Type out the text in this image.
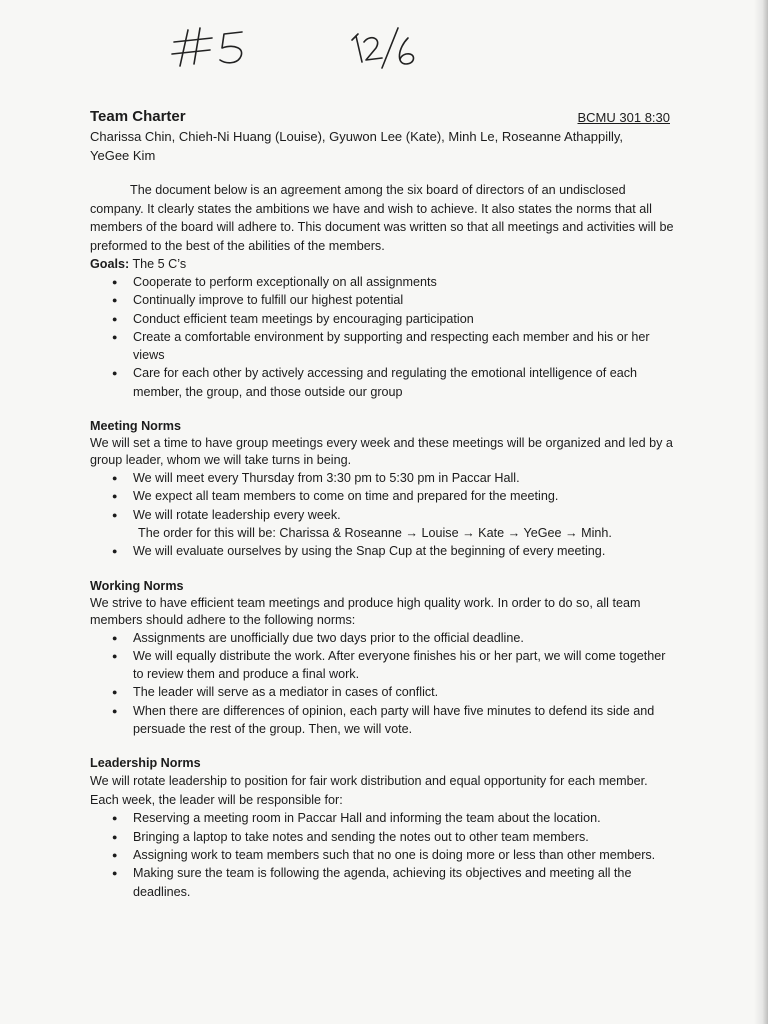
Team Charter	BCMU 301 8:30
Charissa Chin, Chieh-Ni Huang (Louise), Gyuwon Lee (Kate), Minh Le, Roseanne Athappilly, YeGee Kim

The document below is an agreement among the six board of directors of an undisclosed company. It clearly states the ambitions we have and wish to achieve. It also states the norms that all members of the board will adhere to. This document was written so that all meetings and activities will be preformed to the best of the abilities of the members.

Goals: The 5 C’s
● Cooperate to perform exceptionally on all assignments
● Continually improve to fulfill our highest potential
● Conduct efficient team meetings by encouraging participation
● Create a comfortable environment by supporting and respecting each member and his or her views
● Care for each other by actively accessing and regulating the emotional intelligence of each member, the group, and those outside our group
Meeting Norms

We will set a time to have group meetings every week and these meetings will be organized and led by a group leader, whom we will take turns in being.

● We will meet every Thursday from 3:30 pm to 5:30 pm in Paccar Hall.
● We expect all team members to come on time and prepared for the meeting.
● We will rotate leadership every week.
The order for this will be: Charissa & Roseanne → Louise → Kate → YeGee → Minh.
● We will evaluate ourselves by using the Snap Cup at the beginning of every meeting.
Working Norms

We strive to have efficient team meetings and produce high quality work. In order to do so, all team members should adhere to the following norms:

● Assignments are unofficially due two days prior to the official deadline.
● We will equally distribute the work. After everyone finishes his or her part, we will come together to review them and produce a final work.
● The leader will serve as a mediator in cases of conflict.
● When there are differences of opinion, each party will have five minutes to defend its side and persuade the rest of the group. Then, we will vote.
Leadership Norms

We will rotate leadership to position for fair work distribution and equal opportunity for each member. Each week, the leader will be responsible for:

● Reserving a meeting room in Paccar Hall and informing the team about the location.
● Bringing a laptop to take notes and sending the notes out to other team members.
● Assigning work to team members such that no one is doing more or less than other members.
● Making sure the team is following the agenda, achieving its objectives and meeting all the deadlines.
